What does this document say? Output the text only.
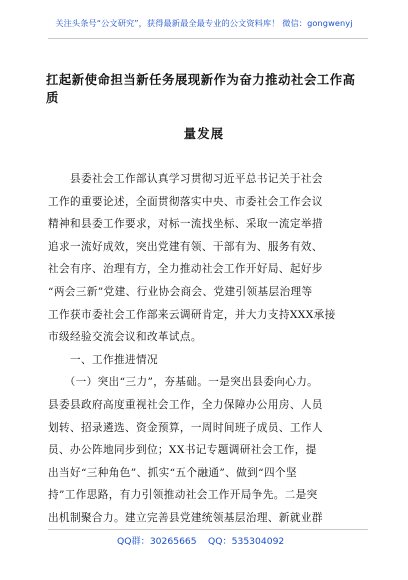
关注头条号“公文研究”，获得最新最全最专业的公文资料库！ 微信：gongwenyj
扛起新使命担当新任务展现新作为奋力推动社会工作高质
量发展
　　县委社会工作部认真学习贯彻习近平总书记关于社会
工作的重要论述，全面贯彻落实中央、市委社会工作会议
精神和县委工作要求，对标一流找坐标、采取一流定举措
追求一流好成效，突出党建有领、干部有为、服务有效、
社会有序、治理有方，全力推动社会工作开好局、起好步
“两会三新”党建、行业协会商会、党建引领基层治理等
工作获市委社会工作部来云调研肯定，并大力支持XXX承接
市级经验交流会议和改革试点。
　　一、工作推进情况
　　（一）突出“三力”，夯基础。一是突出县委向心力。
县委县政府高度重视社会工作，全力保障办公用房、人员
划转、招录遴选、资金预算，一周时间班子成员、工作人
员、办公阵地同步到位；XX书记专题调研社会工作，提
出当好“三种角色”、抓实“五个融通”、做到“四个坚
持”工作思路，有力引领推动社会工作开局争先。二是突
出机制聚合力。建立完善县党建统领基层治理、新就业群
QQ群：30265665 QQ：535304092
